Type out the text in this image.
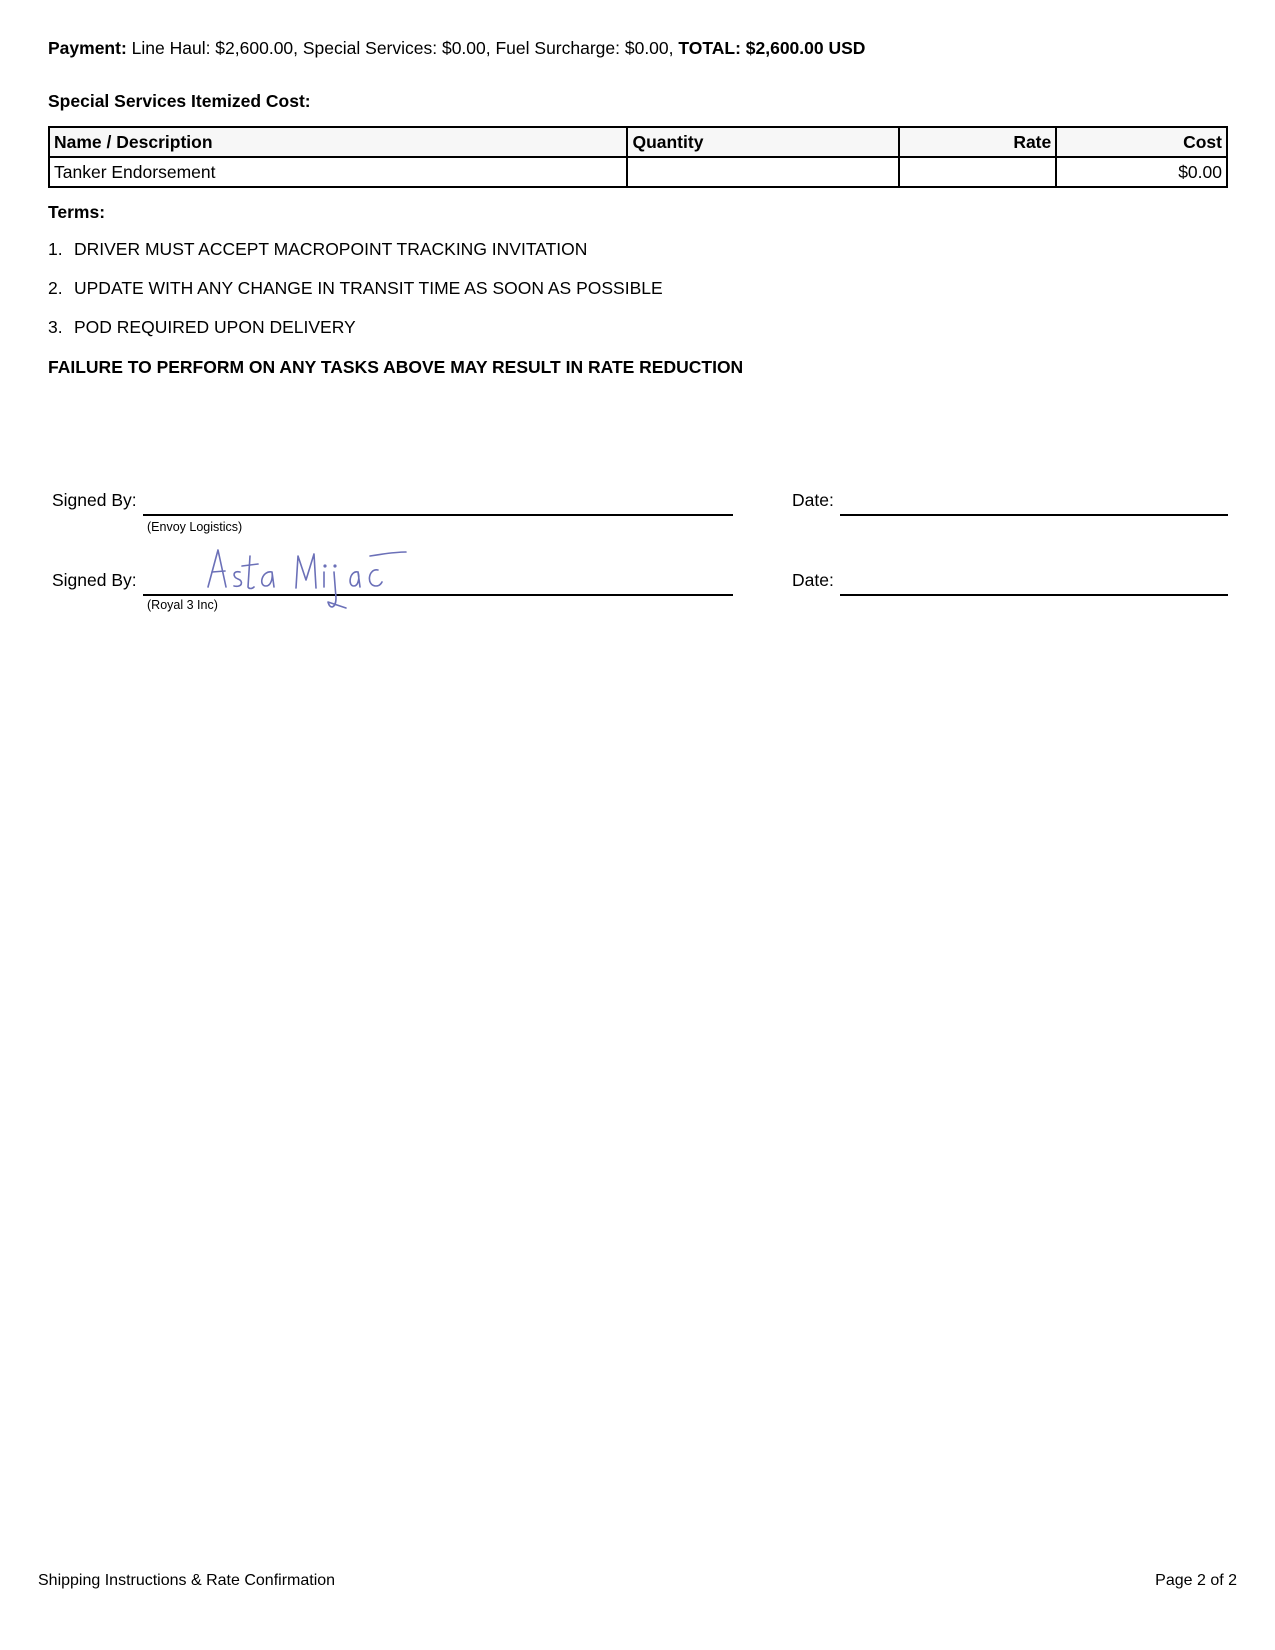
Payment: Line Haul: $2,600.00, Special Services: $0.00, Fuel Surcharge: $0.00, TOTAL: $2,600.00 USD
Special Services Itemized Cost:
Name / Description	Quantity	Rate	Cost
Tanker Endorsement			$0.00
Terms:
1. DRIVER MUST ACCEPT MACROPOINT TRACKING INVITATION
2. UPDATE WITH ANY CHANGE IN TRANSIT TIME AS SOON AS POSSIBLE
3. POD REQUIRED UPON DELIVERY
FAILURE TO PERFORM ON ANY TASKS ABOVE MAY RESULT IN RATE REDUCTION
Signed By:
(Envoy Logistics)
Date:
Signed By:
(Royal 3 Inc)
Date:
Shipping Instructions & Rate Confirmation	Page 2 of 2
